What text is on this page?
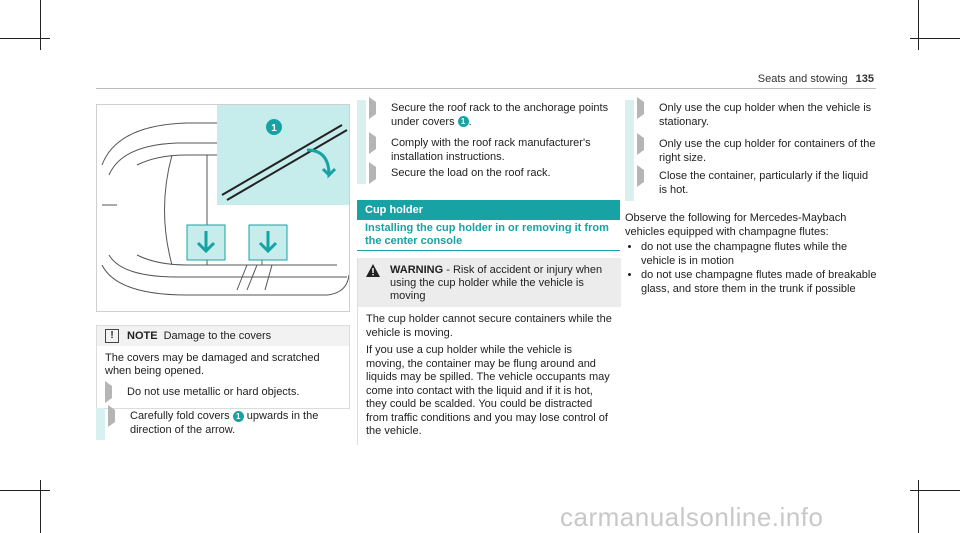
Seats and stowing 135
1
!	NOTE Damage to the covers

The covers may be damaged and scratched when being opened.

Do not use metallic or hard objects.
Carefully fold covers 1 upwards in the direction of the arrow.
Secure the roof rack to the anchorage points under covers 1 .
Comply with the roof rack manufacturer's installation instructions.
Secure the load on the roof rack.
Cup holder
Installing the cup holder in or removing it from the center console
WARNING - Risk of accident or injury when using the cup holder while the vehicle is moving

The cup holder cannot secure containers while the vehicle is moving.

If you use a cup holder while the vehicle is moving, the container may be flung around and liquids may be spilled. The vehicle occupants may come into contact with the liquid and if it is hot, they could be scalded. You could be distracted from traffic conditions and you may lose control of the vehicle.

Only use the cup holder when the vehicle is stationary.
Only use the cup holder for containers of the right size.
Close the container, particularly if the liquid is hot.
Observe the following for Mercedes-Maybach vehicles equipped with champagne flutes:
• do not use the champagne flutes while the vehicle is in motion
• do not use champagne flutes made of breakable glass, and store them in the trunk if possible
carmanualsonline.info
